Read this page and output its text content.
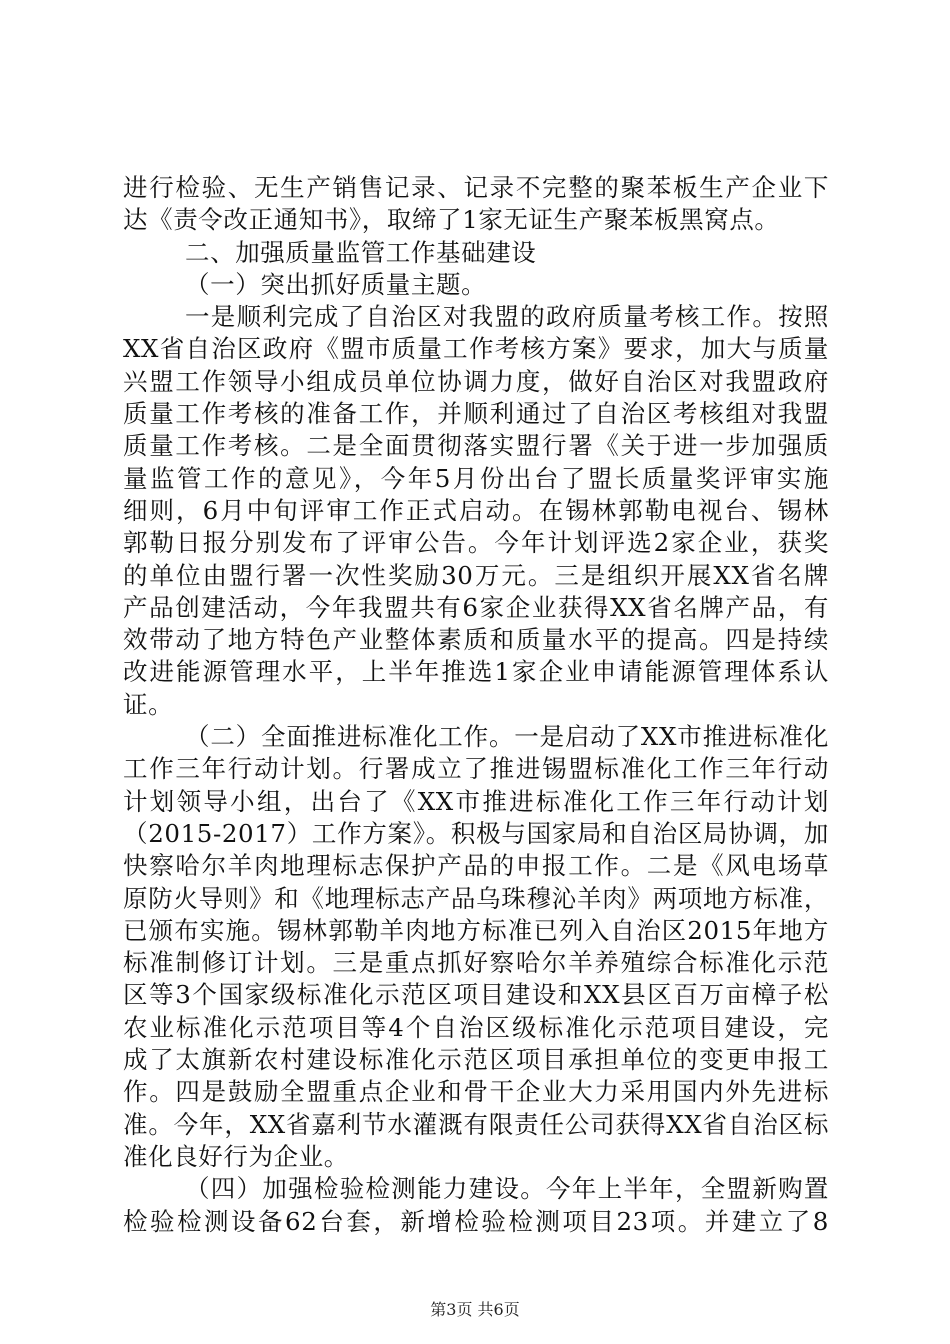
进行检验、无生产销售记录、记录不完整的聚苯板生产企业下
达《责令改正通知书》，取缔了1家无证生产聚苯板黑窝点。
二、加强质量监管工作基础建设
（一）突出抓好质量主题。
一是顺利完成了自治区对我盟的政府质量考核工作。按照
XX省自治区政府《盟市质量工作考核方案》要求，加大与质量
兴盟工作领导小组成员单位协调力度，做好自治区对我盟政府
质量工作考核的准备工作，并顺利通过了自治区考核组对我盟
质量工作考核。二是全面贯彻落实盟行署《关于进一步加强质
量监管工作的意见》，今年5月份出台了盟长质量奖评审实施
细则，6月中旬评审工作正式启动。在锡林郭勒电视台、锡林
郭勒日报分别发布了评审公告。今年计划评选2家企业，获奖
的单位由盟行署一次性奖励30万元。三是组织开展XX省名牌
产品创建活动，今年我盟共有6家企业获得XX省名牌产品，有
效带动了地方特色产业整体素质和质量水平的提高。四是持续
改进能源管理水平，上半年推选1家企业申请能源管理体系认
证。
（二）全面推进标准化工作。一是启动了XX市推进标准化
工作三年行动计划。行署成立了推进锡盟标准化工作三年行动
计划领导小组，出台了《XX市推进标准化工作三年行动计划
（2015-2017）工作方案》。积极与国家局和自治区局协调，加
快察哈尔羊肉地理标志保护产品的申报工作。二是《风电场草
原防火导则》和《地理标志产品乌珠穆沁羊肉》两项地方标准，
已颁布实施。锡林郭勒羊肉地方标准已列入自治区2015年地方
标准制修订计划。三是重点抓好察哈尔羊养殖综合标准化示范
区等3个国家级标准化示范区项目建设和XX县区百万亩樟子松
农业标准化示范项目等4个自治区级标准化示范项目建设，完
成了太旗新农村建设标准化示范区项目承担单位的变更申报工
作。四是鼓励全盟重点企业和骨干企业大力采用国内外先进标
准。今年，XX省嘉利节水灌溉有限责任公司获得XX省自治区标
准化良好行为企业。
（四）加强检验检测能力建设。今年上半年，全盟新购置
检验检测设备62台套，新增检验检测项目23项。并建立了8
第3页 共6页
